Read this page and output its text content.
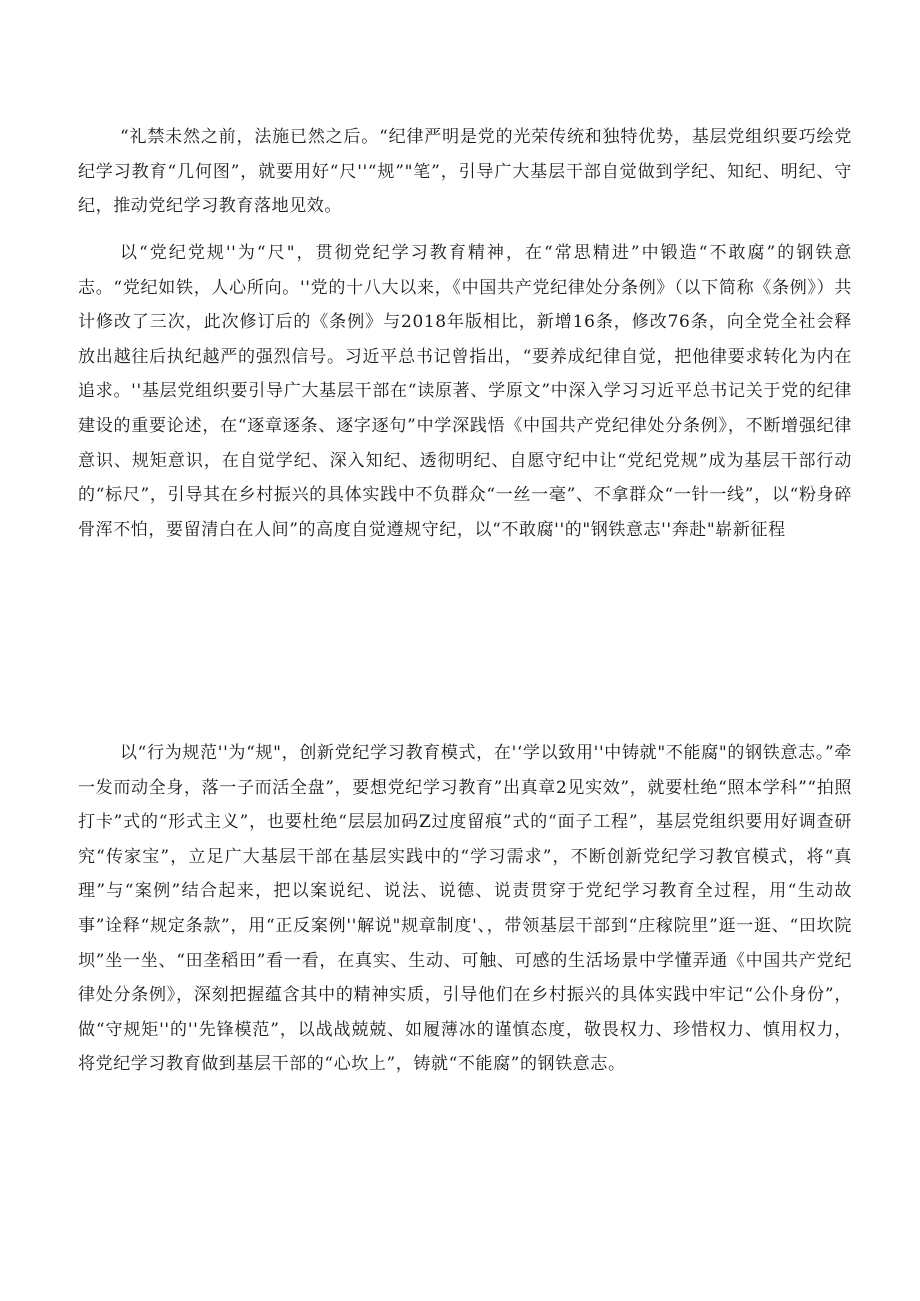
“礼禁未然之前，法施已然之后。“纪律严明是党的光荣传统和独特优势，基层党组织要巧绘党纪学习教育“几何图”，就要用好“尺''“规”"笔”，引导广大基层干部自觉做到学纪、知纪、明纪、守纪，推动党纪学习教育落地见效。

以“党纪党规''为“尺"，贯彻党纪学习教育精神，在“常思精进”中锻造“不敢腐”的钢铁意志。“党纪如铁，人心所向。''党的十八大以来，《中国共产党纪律处分条例》（以下简称《条例》）共计修改了三次，此次修订后的《条例》与2018年版相比，新增16条，修改76条，向全党全社会释放出越往后执纪越严的强烈信号。习近平总书记曾指出，“要养成纪律自觉，把他律要求转化为内在追求。''基层党组织要引导广大基层干部在“读原著、学原文”中深入学习习近平总书记关于党的纪律建设的重要论述，在“逐章逐条、逐字逐句”中学深践悟《中国共产党纪律处分条例》，不断增强纪律意识、规矩意识，在自觉学纪、深入知纪、透彻明纪、自愿守纪中让“党纪党规”成为基层干部行动的“标尺”，引导其在乡村振兴的具体实践中不负群众“一丝一毫”、不拿群众“一针一线”，以“粉身碎骨浑不怕，要留清白在人间”的高度自觉遵规守纪，以“不敢腐''的"钢铁意志''奔赴"崭新征程

以“行为规范''为“规"，创新党纪学习教育模式，在'‘学以致用''中铸就"不能腐"的钢铁意志。”牵一发而动全身，落一子而活全盘”，要想党纪学习教育”出真章2见实效”，就要杜绝“照本学科”“拍照打卡”式的“形式主义”，也要杜绝“层层加码Z过度留痕”式的“面子工程”，基层党组织要用好调查研究“传家宝”，立足广大基层干部在基层实践中的“学习需求”，不断创新党纪学习教官模式，将“真理”与“案例”结合起来，把以案说纪、说法、说德、说责贯穿于党纪学习教育全过程，用“生动故事”诠释“规定条款”，用“正反案例''解说"规章制度'、，带领基层干部到“庄稼院里”逛一逛、“田坎院坝”坐一坐、“田垄稻田”看一看，在真实、生动、可触、可感的生活场景中学懂弄通《中国共产党纪律处分条例》，深刻把握蕴含其中的精神实质，引导他们在乡村振兴的具体实践中牢记“公仆身份”，做“守规矩''的''先锋模范”，以战战兢兢、如履薄冰的谨慎态度，敬畏权力、珍惜权力、慎用权力，将党纪学习教育做到基层干部的“心坎上”，铸就“不能腐”的钢铁意志。
